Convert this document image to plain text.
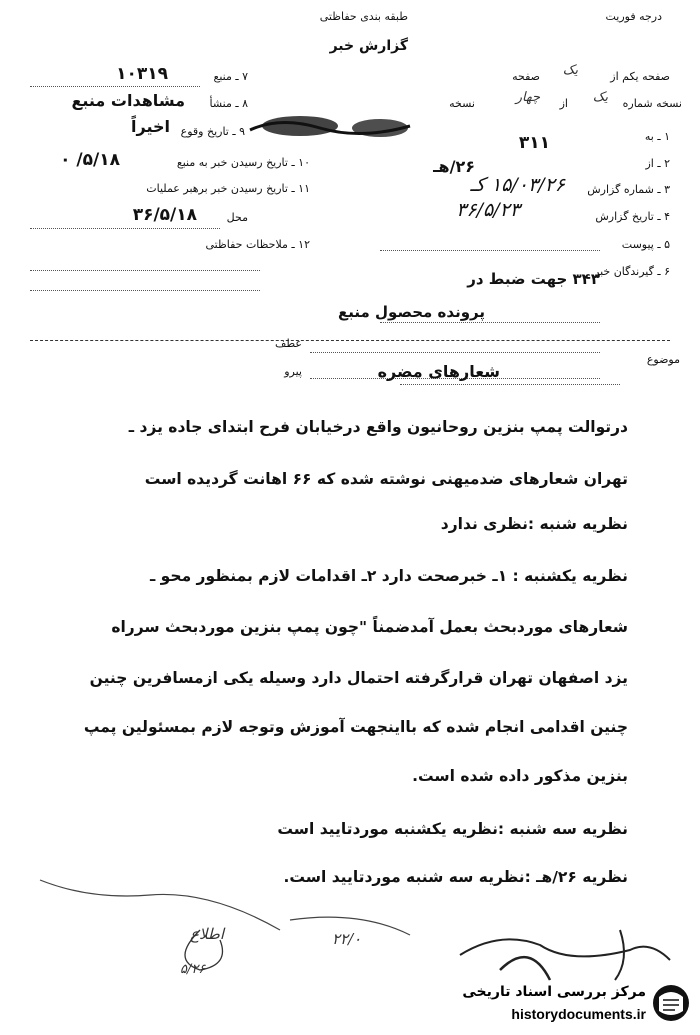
درجه فوریت
طبقه بندی حفاظتی
گزارش خبر
۷ ـ منبع
۱۰۳۱۹
۸ ـ منشأ
مشاهدات منبع
۹ ـ تاریخ وقوع
اخیراً
۱۰ ـ تاریخ رسیدن خبر به منبع
۵/۱۸/ ۰
۱۱ ـ تاریخ رسیدن خبر برهبر عملیات
محل
۳۶/۵/۱۸
۱۲ ـ ملاحظات حفاظتی
صفحه یکم از
یک
صفحه
نسخه شماره
یک
از
چهار
نسخه
۱ ـ به
۳۱۱
۲ ـ از
۲۶/هـ
۳ ـ شماره گزارش
۱۵/۰۳/۲۶ کـ
۴ ـ تاریخ گزارش
۳۶/۵/۲۳
۵ ـ پیوست
۶ ـ گیرندگان خبر
۳۴۳ جهت ضبط در
پرونده محصول منبع
عطف
پیرو
موضوع
شعارهای مضره
درتوالت پمپ بنزین روحانیون واقع درخیابان فرح ابتدای جاده یزد ـ
تهران شعارهای ضدمیهنی نوشته شده که ۶۶ اهانت گردیده است
نظریه شنبه :نظری ندارد
نظریه یکشنبه : ۱ـ خبرصحت دارد ۲ـ اقدامات لازم بمنظور محو ـ
شعارهای موردبحث بعمل آمدضمناً "چون پمپ بنزین موردبحث سرراه
یزد اصفهان تهران قرارگرفته احتمال دارد وسیله یکی ازمسافرین چنین
چنین اقدامی انجام شده که بااینجهت آموزش وتوجه لازم بمسئولین پمپ
بنزین مذکور داده شده است.
نظریه سه شنبه :نظریه یکشنبه موردتایید است
نظریه ۲۶/هـ :نظریه سه شنبه موردتایید است.
اطلاع
۵/۲۶
۲۲/۰
مرکز بررسی اسناد تاریخی
historydocuments.ir
